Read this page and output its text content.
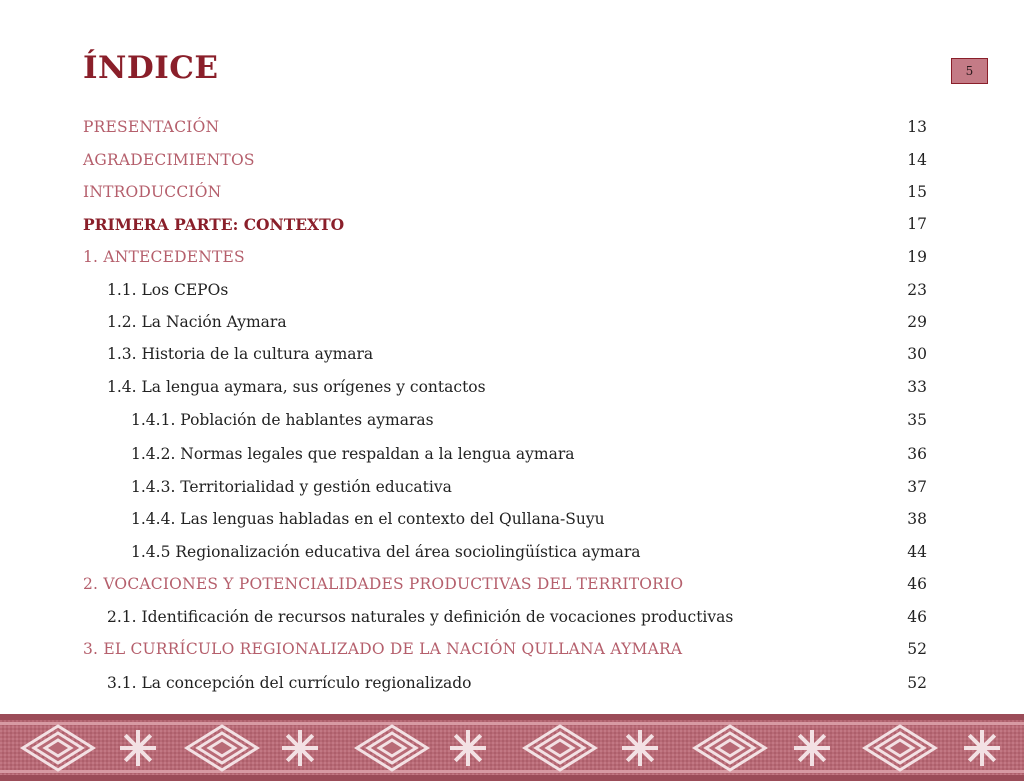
ÍNDICE	5
PRESENTACIÓN	13
AGRADECIMIENTOS	14
INTRODUCCIÓN	15
PRIMERA PARTE: CONTEXTO	17
1. ANTECEDENTES	19
1.1. Los CEPOs	23
1.2. La Nación Aymara	29
1.3. Historia de la cultura aymara	30
1.4. La lengua aymara, sus orígenes y contactos	33
1.4.1. Población de hablantes aymaras	35
1.4.2. Normas legales que respaldan a la lengua aymara	36
1.4.3. Territorialidad y gestión educativa	37
1.4.4. Las lenguas habladas en el contexto del Qullana-Suyu	38
1.4.5 Regionalización educativa del área sociolingüística aymara	44
2. VOCACIONES Y POTENCIALIDADES PRODUCTIVAS DEL TERRITORIO	46
2.1. Identificación de recursos naturales y definición de vocaciones productivas	46
3. EL CURRÍCULO REGIONALIZADO DE LA NACIÓN QULLANA AYMARA	52
3.1. La concepción del currículo regionalizado	52
